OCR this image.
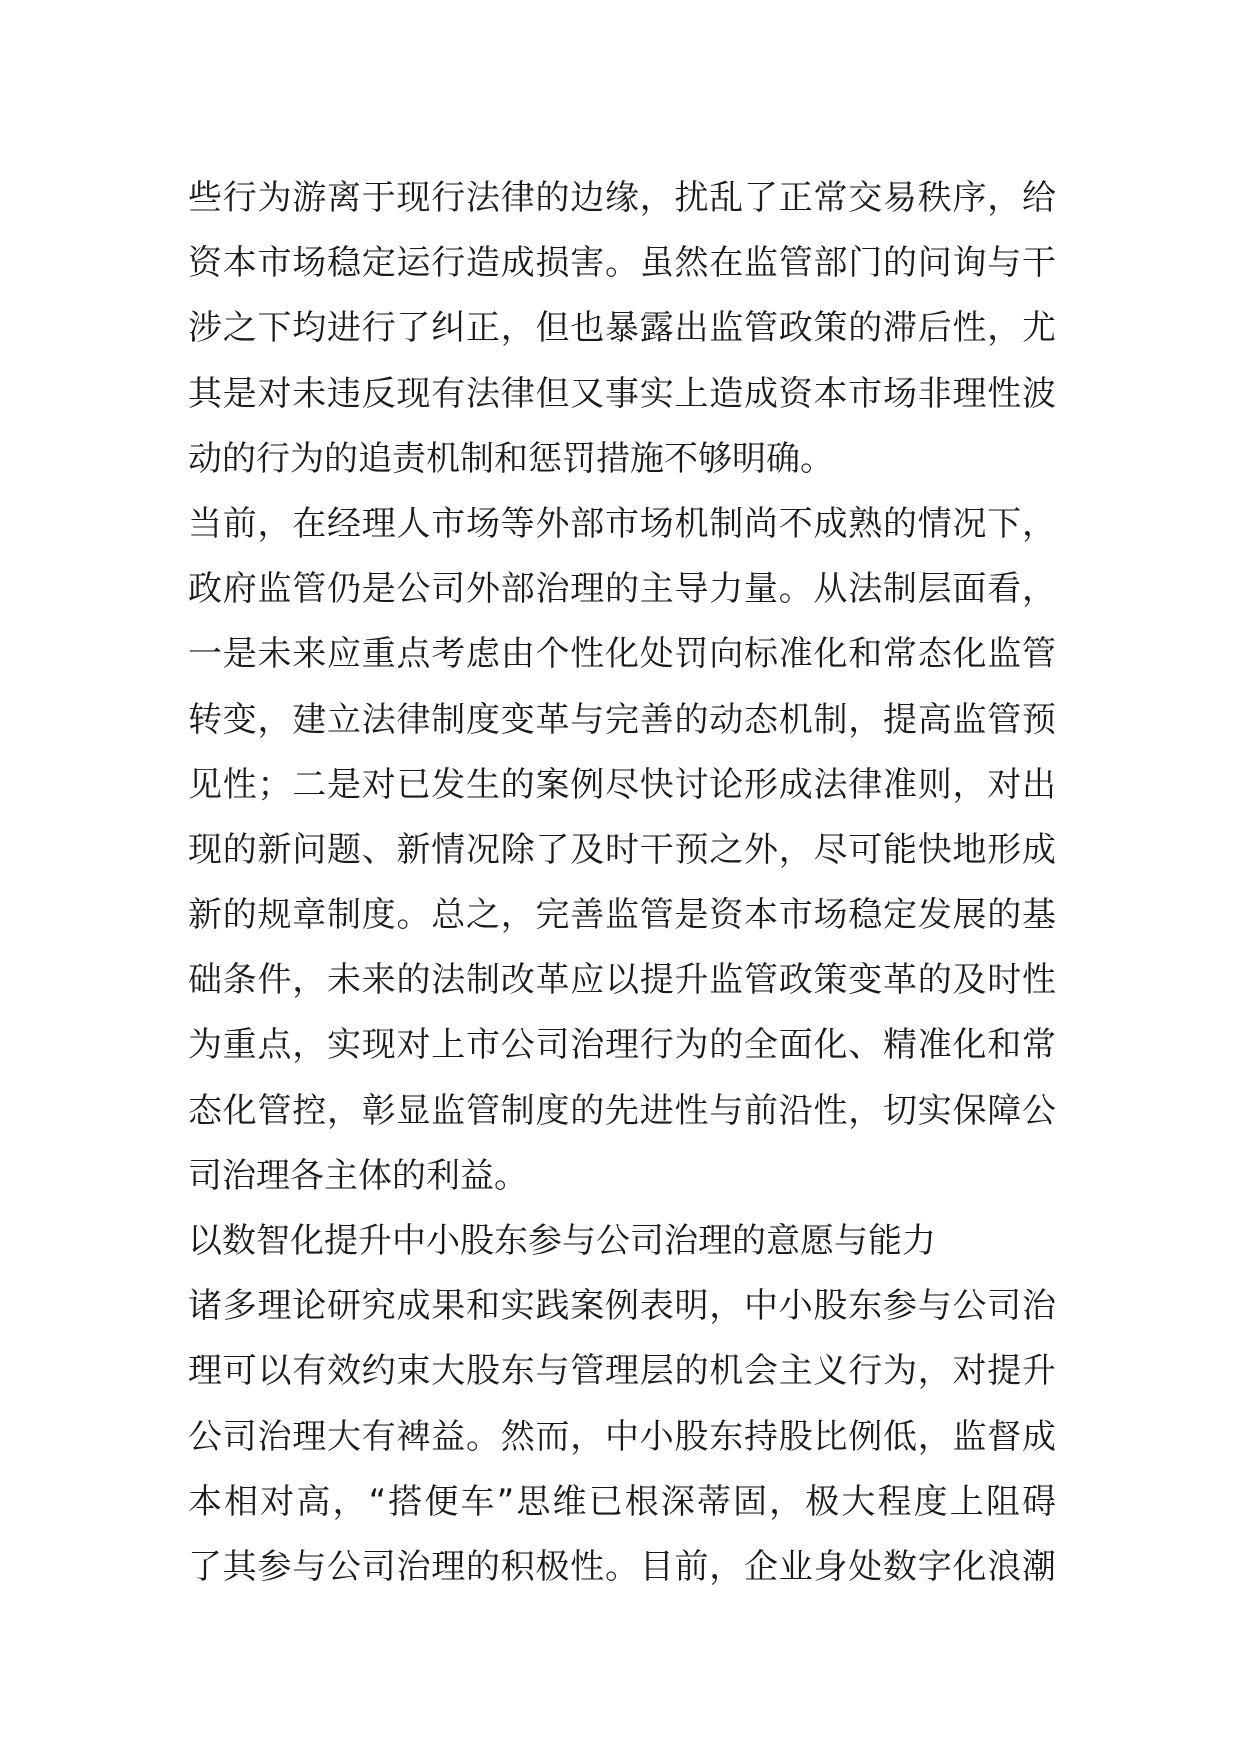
些行为游离于现行法律的边缘，扰乱了正常交易秩序，给
资本市场稳定运行造成损害。虽然在监管部门的问询与干
涉之下均进行了纠正，但也暴露出监管政策的滞后性，尤
其是对未违反现有法律但又事实上造成资本市场非理性波
动的行为的追责机制和惩罚措施不够明确。
当前，在经理人市场等外部市场机制尚不成熟的情况下，
政府监管仍是公司外部治理的主导力量。从法制层面看，
一是未来应重点考虑由个性化处罚向标准化和常态化监管
转变，建立法律制度变革与完善的动态机制，提高监管预
见性；二是对已发生的案例尽快讨论形成法律准则，对出
现的新问题、新情况除了及时干预之外，尽可能快地形成
新的规章制度。总之，完善监管是资本市场稳定发展的基
础条件，未来的法制改革应以提升监管政策变革的及时性
为重点，实现对上市公司治理行为的全面化、精准化和常
态化管控，彰显监管制度的先进性与前沿性，切实保障公
司治理各主体的利益。
以数智化提升中小股东参与公司治理的意愿与能力
诸多理论研究成果和实践案例表明，中小股东参与公司治
理可以有效约束大股东与管理层的机会主义行为，对提升
公司治理大有裨益。然而，中小股东持股比例低，监督成
本相对高，“搭便车”思维已根深蒂固，极大程度上阻碍
了其参与公司治理的积极性。目前，企业身处数字化浪潮
